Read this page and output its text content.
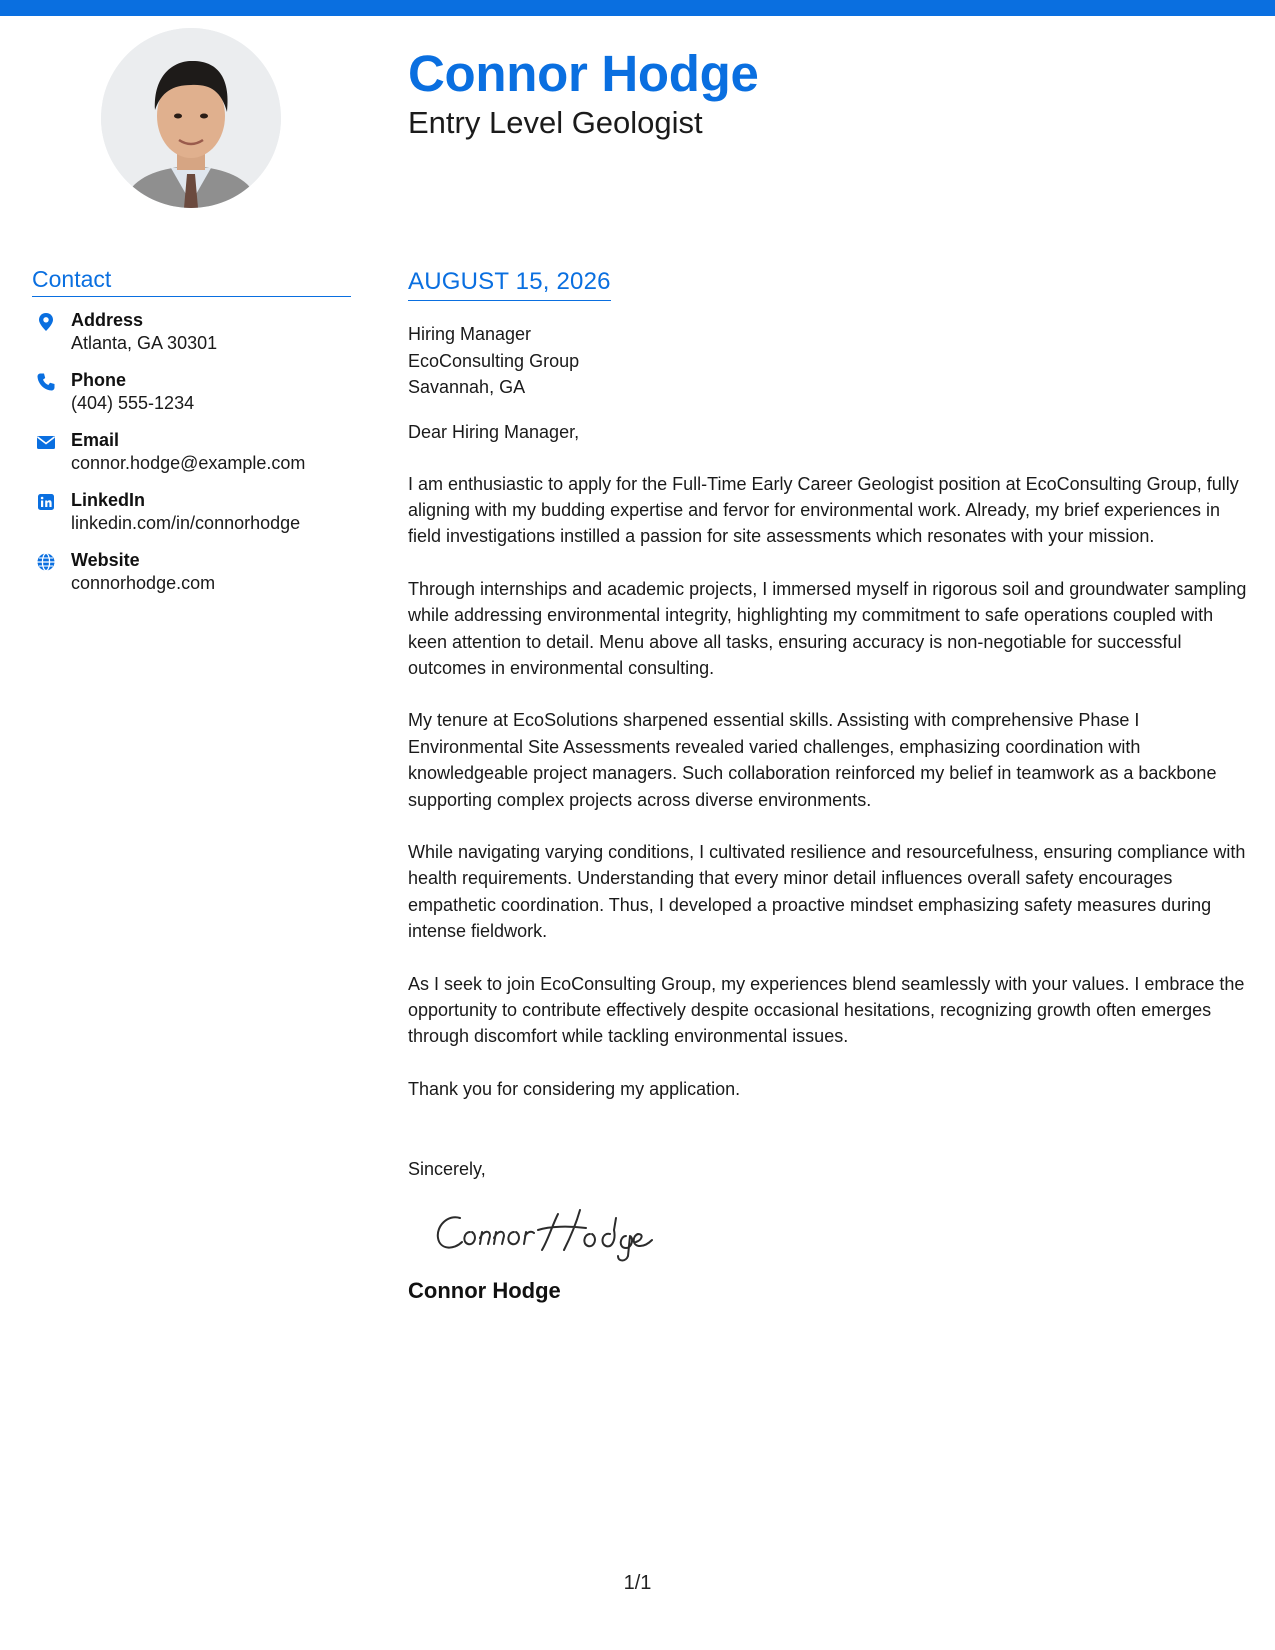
Connor Hodge
Entry Level Geologist
Contact
Address
Atlanta, GA 30301
Phone
(404) 555-1234
Email
connor.hodge@example.com
LinkedIn
linkedin.com/in/connorhodge
Website
connorhodge.com
AUGUST 15, 2026
Hiring Manager
EcoConsulting Group
Savannah, GA
Dear Hiring Manager,

I am enthusiastic to apply for the Full-Time Early Career Geologist position at EcoConsulting Group, fully aligning with my budding expertise and fervor for environmental work. Already, my brief experiences in field investigations instilled a passion for site assessments which resonates with your mission.

Through internships and academic projects, I immersed myself in rigorous soil and groundwater sampling while addressing environmental integrity, highlighting my commitment to safe operations coupled with keen attention to detail. Menu above all tasks, ensuring accuracy is non-negotiable for successful outcomes in environmental consulting.

My tenure at EcoSolutions sharpened essential skills. Assisting with comprehensive Phase I Environmental Site Assessments revealed varied challenges, emphasizing coordination with knowledgeable project managers. Such collaboration reinforced my belief in teamwork as a backbone supporting complex projects across diverse environments.

While navigating varying conditions, I cultivated resilience and resourcefulness, ensuring compliance with health requirements. Understanding that every minor detail influences overall safety encourages empathetic coordination. Thus, I developed a proactive mindset emphasizing safety measures during intense fieldwork.

As I seek to join EcoConsulting Group, my experiences blend seamlessly with your values. I embrace the opportunity to contribute effectively despite occasional hesitations, recognizing growth often emerges through discomfort while tackling environmental issues.

Thank you for considering my application.

Sincerely,
Connor Hodge
1/1
